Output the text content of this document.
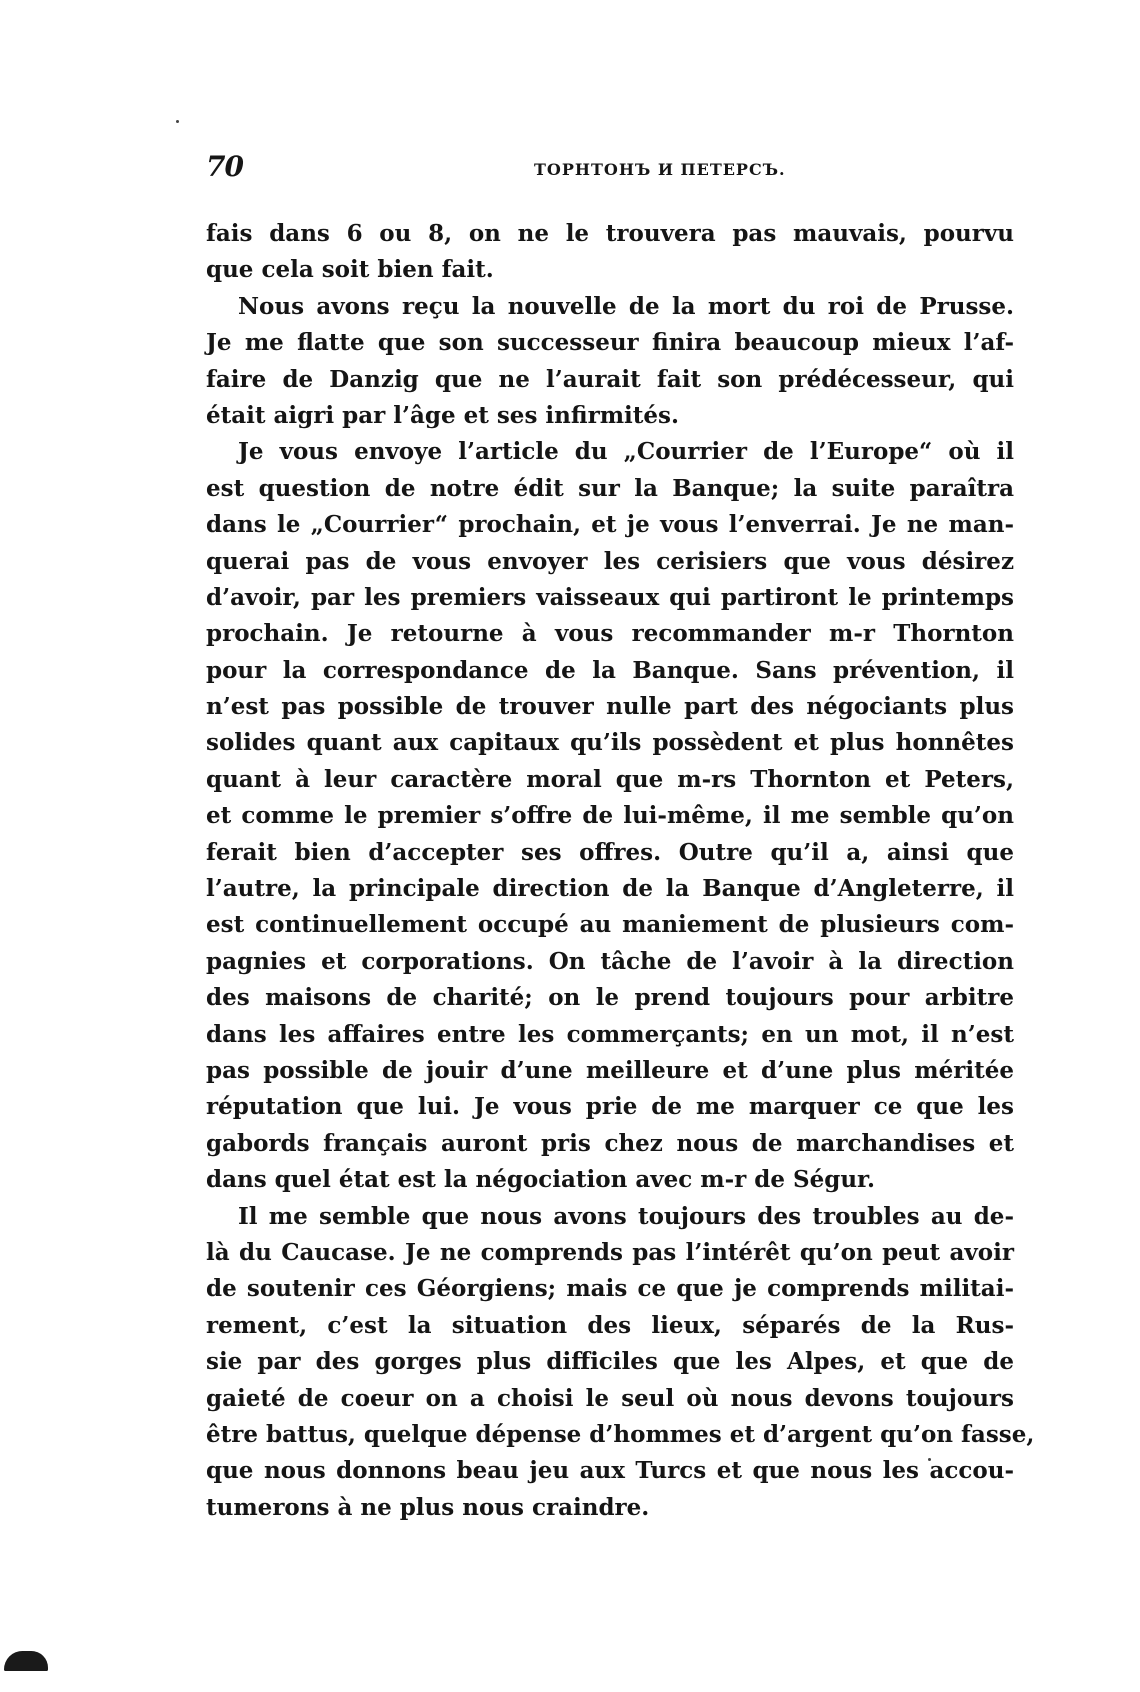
70	ТОРНТОНЪ И ПЕТЕРСЪ.
fais dans 6 ou 8, on ne le trouvera pas mauvais, pourvu
que cela soit bien fait.
Nous avons reçu la nouvelle de la mort du roi de Prusse.
Je me flatte que son successeur finira beaucoup mieux l’af-
faire de Danzig que ne l’aurait fait son prédécesseur, qui
était aigri par l’âge et ses infirmités.
Je vous envoye l’article du „Courrier de l’Europe“ où il
est question de notre édit sur la Banque; la suite paraîtra
dans le „Courrier“ prochain, et je vous l’enverrai. Je ne man-
querai pas de vous envoyer les cerisiers que vous désirez
d’avoir, par les premiers vaisseaux qui partiront le printemps
prochain. Je retourne à vous recommander m-r Thornton
pour la correspondance de la Banque. Sans prévention, il
n’est pas possible de trouver nulle part des négociants plus
solides quant aux capitaux qu’ils possèdent et plus honnêtes
quant à leur caractère moral que m-rs Thornton et Peters,
et comme le premier s’offre de lui-même, il me semble qu’on
ferait bien d’accepter ses offres. Outre qu’il a, ainsi que
l’autre, la principale direction de la Banque d’Angleterre, il
est continuellement occupé au maniement de plusieurs com-
pagnies et corporations. On tâche de l’avoir à la direction
des maisons de charité; on le prend toujours pour arbitre
dans les affaires entre les commerçants; en un mot, il n’est
pas possible de jouir d’une meilleure et d’une plus méritée
réputation que lui. Je vous prie de me marquer ce que les
gabords français auront pris chez nous de marchandises et
dans quel état est la négociation avec m-r de Ségur.
Il me semble que nous avons toujours des troubles au de-
là du Caucase. Je ne comprends pas l’intérêt qu’on peut avoir
de soutenir ces Géorgiens; mais ce que je comprends militai-
rement, c’est la situation des lieux, séparés de la Rus-
sie par des gorges plus difficiles que les Alpes, et que de
gaieté de coeur on a choisi le seul où nous devons toujours
être battus, quelque dépense d’hommes et d’argent qu’on fasse,
que nous donnons beau jeu aux Turcs et que nous les accou-
tumerons à ne plus nous craindre.
